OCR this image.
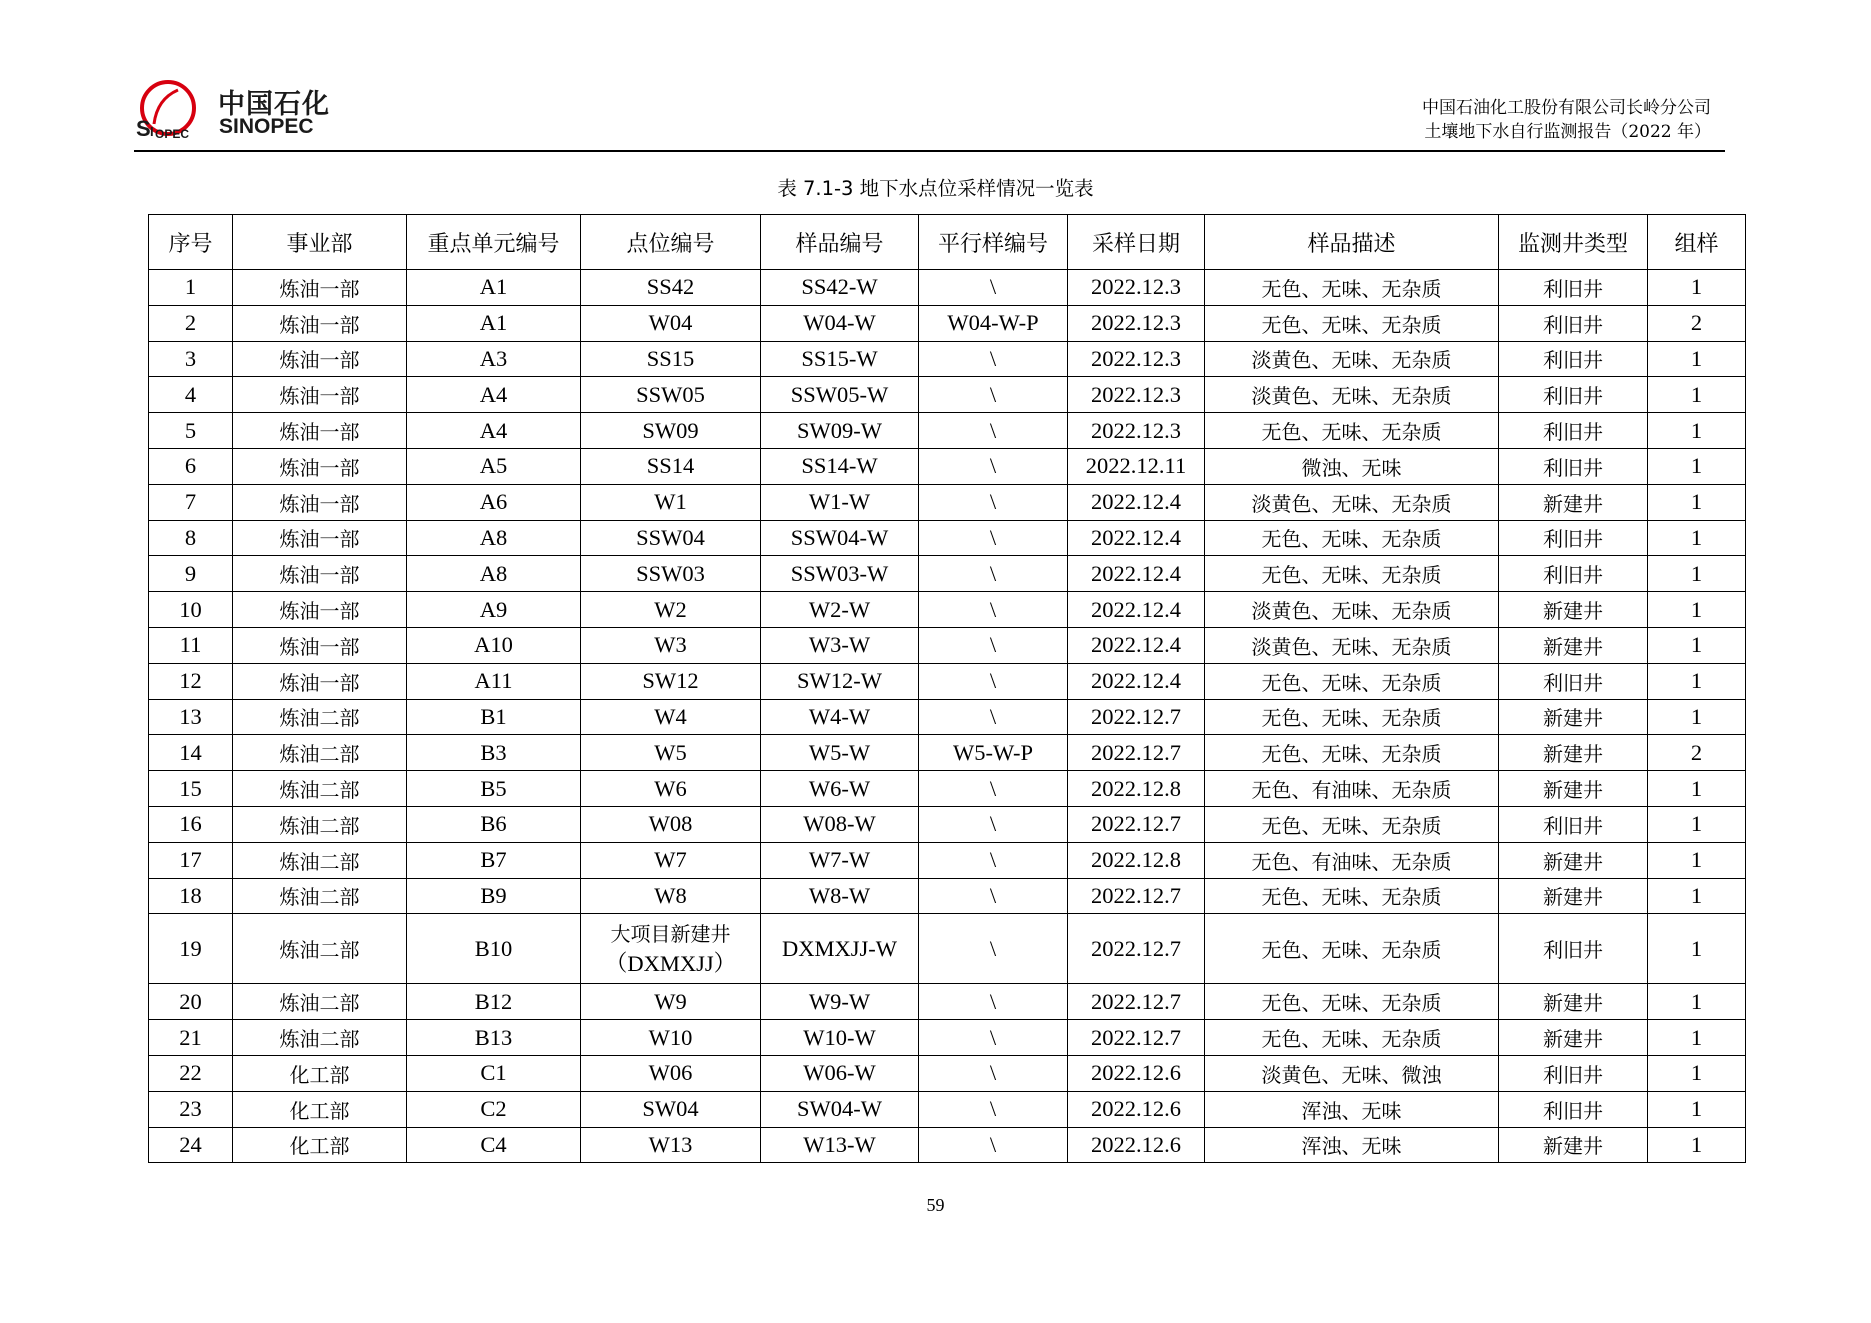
S I OPEC
中国石化
SINOPEC
中国石油化工股份有限公司长岭分公司
土壤地下水自行监测报告（2022 年）
表 7.1-3 地下水点位采样情况一览表
序号	事业部	重点单元编号	点位编号	样品编号	平行样编号	采样日期	样品描述	监测井类型	组样
1	炼油一部	A1	SS42	SS42-W	\	2022.12.3	无色、无味、无杂质	利旧井	1
2	炼油一部	A1	W04	W04-W	W04-W-P	2022.12.3	无色、无味、无杂质	利旧井	2
3	炼油一部	A3	SS15	SS15-W	\	2022.12.3	淡黄色、无味、无杂质	利旧井	1
4	炼油一部	A4	SSW05	SSW05-W	\	2022.12.3	淡黄色、无味、无杂质	利旧井	1
5	炼油一部	A4	SW09	SW09-W	\	2022.12.3	无色、无味、无杂质	利旧井	1
6	炼油一部	A5	SS14	SS14-W	\	2022.12.11	微浊、无味	利旧井	1
7	炼油一部	A6	W1	W1-W	\	2022.12.4	淡黄色、无味、无杂质	新建井	1
8	炼油一部	A8	SSW04	SSW04-W	\	2022.12.4	无色、无味、无杂质	利旧井	1
9	炼油一部	A8	SSW03	SSW03-W	\	2022.12.4	无色、无味、无杂质	利旧井	1
10	炼油一部	A9	W2	W2-W	\	2022.12.4	淡黄色、无味、无杂质	新建井	1
11	炼油一部	A10	W3	W3-W	\	2022.12.4	淡黄色、无味、无杂质	新建井	1
12	炼油一部	A11	SW12	SW12-W	\	2022.12.4	无色、无味、无杂质	利旧井	1
13	炼油二部	B1	W4	W4-W	\	2022.12.7	无色、无味、无杂质	新建井	1
14	炼油二部	B3	W5	W5-W	W5-W-P	2022.12.7	无色、无味、无杂质	新建井	2
15	炼油二部	B5	W6	W6-W	\	2022.12.8	无色、有油味、无杂质	新建井	1
16	炼油二部	B6	W08	W08-W	\	2022.12.7	无色、无味、无杂质	利旧井	1
17	炼油二部	B7	W7	W7-W	\	2022.12.8	无色、有油味、无杂质	新建井	1
18	炼油二部	B9	W8	W8-W	\	2022.12.7	无色、无味、无杂质	新建井	1
19	炼油二部	B10	大项目新建井
（DXMXJJ）	DXMXJJ-W	\	2022.12.7	无色、无味、无杂质	利旧井	1
20	炼油二部	B12	W9	W9-W	\	2022.12.7	无色、无味、无杂质	新建井	1
21	炼油二部	B13	W10	W10-W	\	2022.12.7	无色、无味、无杂质	新建井	1
22	化工部	C1	W06	W06-W	\	2022.12.6	淡黄色、无味、微浊	利旧井	1
23	化工部	C2	SW04	SW04-W	\	2022.12.6	浑浊、无味	利旧井	1
24	化工部	C4	W13	W13-W	\	2022.12.6	浑浊、无味	新建井	1
59
